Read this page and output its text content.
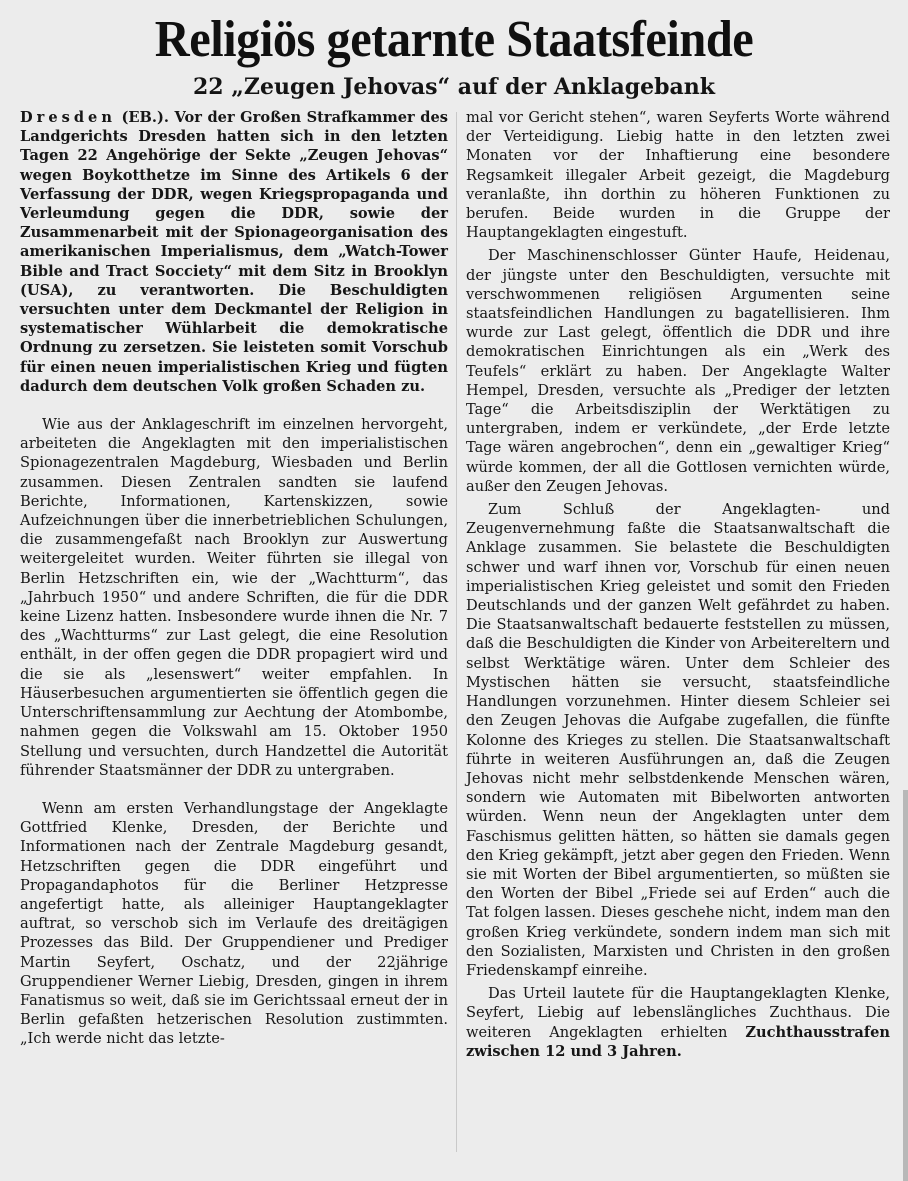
Religiös getarnte Staatsfeinde
22 „Zeugen Jehovas“ auf der Anklagebank

Dresden (EB.). Vor der Großen Strafkammer des Landgerichts Dresden hatten sich in den letzten Tagen 22 Angehörige der Sekte „Zeugen Jehovas“ wegen Boykotthetze im Sinne des Artikels 6 der Verfassung der DDR, wegen Kriegspropaganda und Verleumdung gegen die DDR, sowie der Zusammenarbeit mit der Spionageorganisation des amerikanischen Imperialismus, dem „Watch-Tower Bible and Tract Socciety“ mit dem Sitz in Brooklyn (USA), zu verantworten. Die Beschuldigten versuchten unter dem Deckmantel der Religion in systematischer Wühlarbeit die demokratische Ordnung zu zersetzen. Sie leisteten somit Vorschub für einen neuen imperialistischen Krieg und fügten dadurch dem deutschen Volk großen Schaden zu.

Wie aus der Anklageschrift im einzelnen hervorgeht, arbeiteten die Angeklagten mit den imperialistischen Spionagezentralen Magdeburg, Wiesbaden und Berlin zusammen. Diesen Zentralen sandten sie laufend Berichte, Informationen, Kartenskizzen, sowie Aufzeichnungen über die innerbetrieblichen Schulungen, die zusammengefaßt nach Brooklyn zur Auswertung weitergeleitet wurden. Weiter führten sie illegal von Berlin Hetzschriften ein, wie der „Wachtturm“, das „Jahrbuch 1950“ und andere Schriften, die für die DDR keine Lizenz hatten. Insbesondere wurde ihnen die Nr. 7 des „Wachtturms“ zur Last gelegt, die eine Resolution enthält, in der offen gegen die DDR propagiert wird und die sie als „lesenswert“ weiter empfahlen. In Häuserbesuchen argumentierten sie öffentlich gegen die Unterschriftensammlung zur Aechtung der Atombombe, nahmen gegen die Volkswahl am 15. Oktober 1950 Stellung und versuchten, durch Handzettel die Autorität führender Staatsmänner der DDR zu untergraben.

Wenn am ersten Verhandlungstage der Angeklagte Gottfried Klenke, Dresden, der Berichte und Informationen nach der Zentrale Magdeburg gesandt, Hetzschriften gegen die DDR eingeführt und Propagandaphotos für die Berliner Hetzpresse angefertigt hatte, als alleiniger Hauptangeklagter auftrat, so verschob sich im Verlaufe des dreitägigen Prozesses das Bild. Der Gruppendiener und Prediger Martin Seyfert, Oschatz, und der 22jährige Gruppendiener Werner Liebig, Dresden, gingen in ihrem Fanatismus so weit, daß sie im Gerichtssaal erneut der in Berlin gefaßten hetzerischen Resolution zustimmten. „Ich werde nicht das letzte-

mal vor Gericht stehen“, waren Seyferts Worte während der Verteidigung. Liebig hatte in den letzten zwei Monaten vor der Inhaftierung eine besondere Regsamkeit illegaler Arbeit gezeigt, die Magdeburg veranlaßte, ihn dorthin zu höheren Funktionen zu berufen. Beide wurden in die Gruppe der Hauptangeklagten eingestuft.

Der Maschinenschlosser Günter Haufe, Heidenau, der jüngste unter den Beschuldigten, versuchte mit verschwommenen religiösen Argumenten seine staatsfeindlichen Handlungen zu bagatellisieren. Ihm wurde zur Last gelegt, öffentlich die DDR und ihre demokratischen Einrichtungen als ein „Werk des Teufels“ erklärt zu haben. Der Angeklagte Walter Hempel, Dresden, versuchte als „Prediger der letzten Tage“ die Arbeitsdisziplin der Werktätigen zu untergraben, indem er verkündete, „der Erde letzte Tage wären angebrochen“, denn ein „gewaltiger Krieg“ würde kommen, der all die Gottlosen vernichten würde, außer den Zeugen Jehovas.

Zum Schluß der Angeklagten- und Zeugenvernehmung faßte die Staatsanwaltschaft die Anklage zusammen. Sie belastete die Beschuldigten schwer und warf ihnen vor, Vorschub für einen neuen imperialistischen Krieg geleistet und somit den Frieden Deutschlands und der ganzen Welt gefährdet zu haben. Die Staatsanwaltschaft bedauerte feststellen zu müssen, daß die Beschuldigten die Kinder von Arbeitereltern und selbst Werktätige wären. Unter dem Schleier des Mystischen hätten sie versucht, staatsfeindliche Handlungen vorzunehmen. Hinter diesem Schleier sei den Zeugen Jehovas die Aufgabe zugefallen, die fünfte Kolonne des Krieges zu stellen. Die Staatsanwaltschaft führte in weiteren Ausführungen an, daß die Zeugen Jehovas nicht mehr selbstdenkende Menschen wären, sondern wie Automaten mit Bibelworten antworten würden. Wenn neun der Angeklagten unter dem Faschismus gelitten hätten, so hätten sie damals gegen den Krieg gekämpft, jetzt aber gegen den Frieden. Wenn sie mit Worten der Bibel argumentierten, so müßten sie den Worten der Bibel „Friede sei auf Erden“ auch die Tat folgen lassen. Dieses geschehe nicht, indem man den großen Krieg verkündete, sondern indem man sich mit den Sozialisten, Marxisten und Christen in den großen Friedenskampf einreihe.

Das Urteil lautete für die Hauptangeklagten Klenke, Seyfert, Liebig auf lebenslängliches Zuchthaus. Die weiteren Angeklagten erhielten Zuchthausstrafen zwischen 12 und 3 Jahren.
